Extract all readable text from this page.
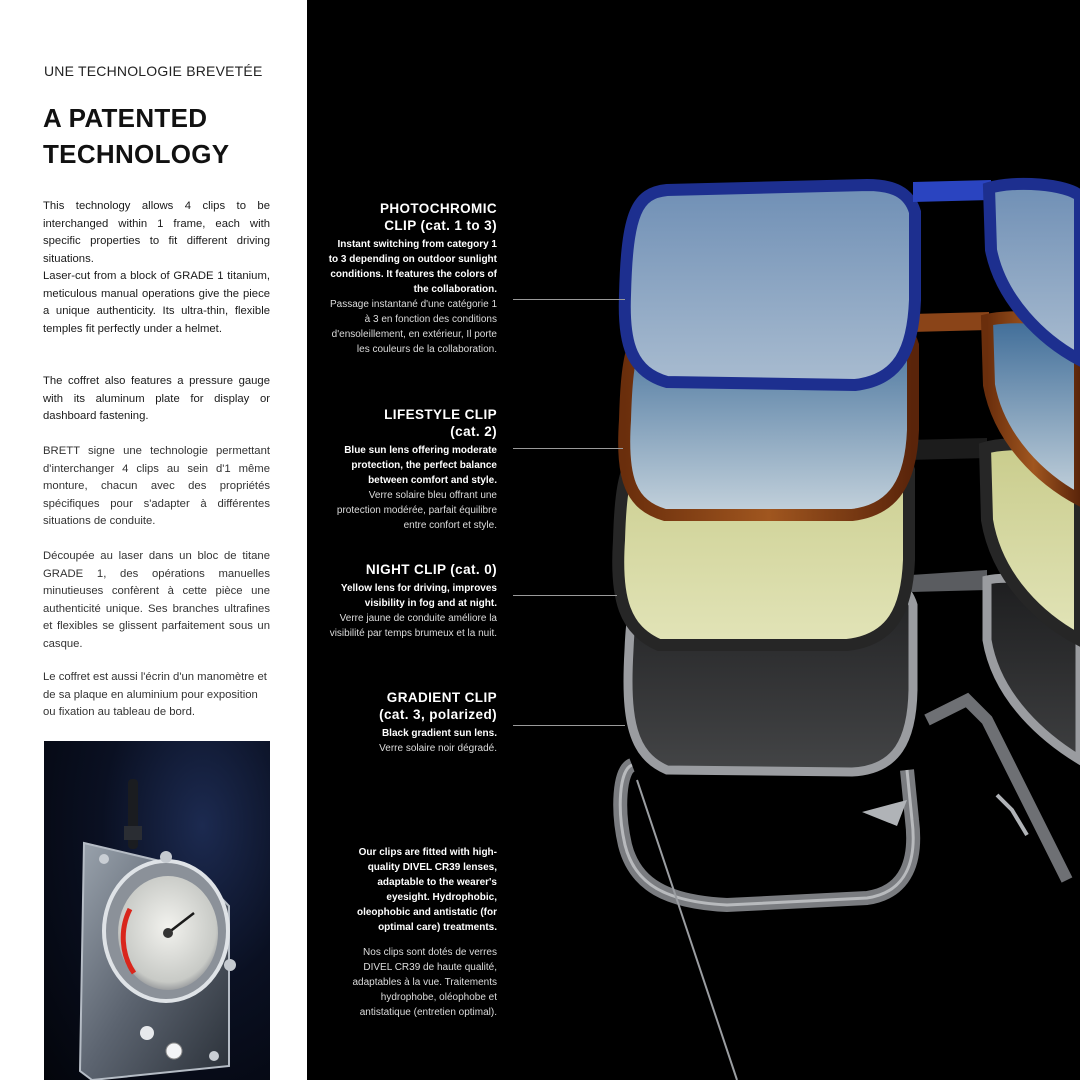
UNE TECHNOLOGIE BREVETÉE
A PATENTED
TECHNOLOGY

This technology allows 4 clips to be interchanged within 1 frame, each with specific properties to fit different driving situations.

Laser-cut from a block of GRADE 1 titanium, meticulous manual operations give the piece a unique authenticity. Its ultra-thin, flexible temples fit perfectly under a helmet.

The coffret also features a pressure gauge with its aluminum plate for display or dashboard fastening.

BRETT signe une technologie permettant d'interchanger 4 clips au sein d'1 même monture, chacun avec des propriétés spécifiques pour s'adapter à différentes situations de conduite.

Découpée au laser dans un bloc de titane GRADE 1, des opérations manuelles minutieuses confèrent à cette pièce une authenticité unique. Ses branches ultrafines et flexibles se glissent parfaitement sous un casque.

Le coffret est aussi l'écrin d'un manomètre et de sa plaque en aluminium pour exposition ou fixation au tableau de bord.

PHOTOCHROMIC
CLIP (cat. 1 to 3)
Instant switching from category 1 to 3 depending on outdoor sunlight conditions. It features the colors of the collaboration.
Passage instantané d'une catégorie 1 à 3 en fonction des conditions d'ensoleillement, en extérieur, Il porte les couleurs de la collaboration.
LIFESTYLE CLIP
(cat. 2)
Blue sun lens offering moderate protection, the perfect balance between comfort and style.
Verre solaire bleu offrant une protection modérée, parfait équilibre entre confort et style.
NIGHT CLIP (cat. 0)
Yellow lens for driving, improves visibility in fog and at night.
Verre jaune de conduite améliore la visibilité par temps brumeux et la nuit.
GRADIENT CLIP
(cat. 3, polarized)
Black gradient sun lens.
Verre solaire noir dégradé.
Our clips are fitted with high-quality DIVEL CR39 lenses, adaptable to the wearer's eyesight. Hydrophobic, oleophobic and antistatic (for optimal care) treatments.
Nos clips sont dotés de verres DIVEL CR39 de haute qualité, adaptables à la vue. Traitements hydrophobe, oléophobe et antistatique (entretien optimal).
